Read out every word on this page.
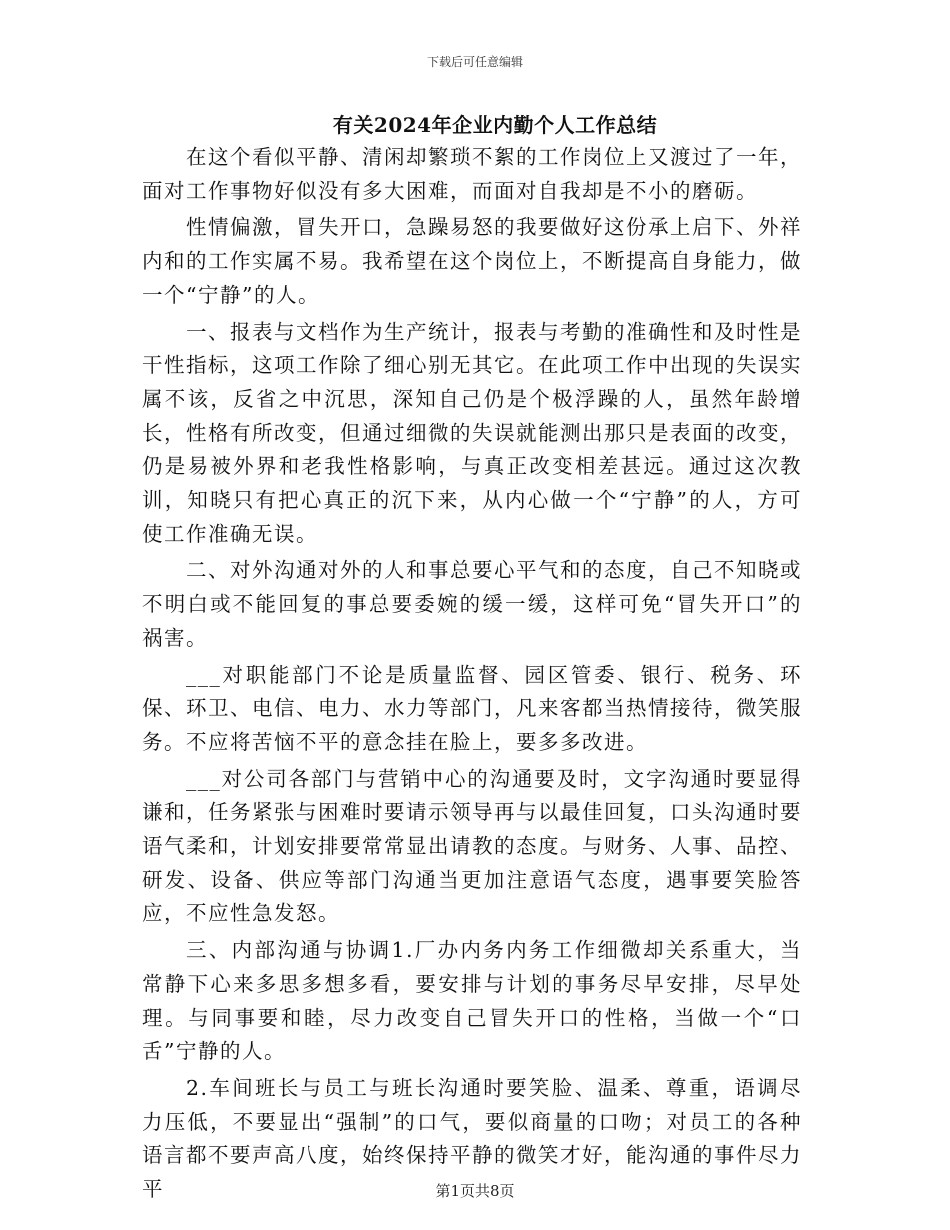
下载后可任意编辑
有关2024年企业内勤个人工作总结

在这个看似平静、清闲却繁琐不絮的工作岗位上又渡过了一年，面对工作事物好似没有多大困难，而面对自我却是不小的磨砺。

性情偏激，冒失开口，急躁易怒的我要做好这份承上启下、外祥内和的工作实属不易。我希望在这个岗位上，不断提高自身能力，做一个“宁静”的人。

一、报表与文档作为生产统计，报表与考勤的准确性和及时性是干性指标，这项工作除了细心别无其它。在此项工作中出现的失误实属不该，反省之中沉思，深知自己仍是个极浮躁的人，虽然年龄增长，性格有所改变，但通过细微的失误就能测出那只是表面的改变，仍是易被外界和老我性格影响，与真正改变相差甚远。通过这次教训，知晓只有把心真正的沉下来，从内心做一个“宁静”的人，方可使工作准确无误。

二、对外沟通对外的人和事总要心平气和的态度，自己不知晓或不明白或不能回复的事总要委婉的缓一缓，这样可免“冒失开口”的祸害。

___对职能部门不论是质量监督、园区管委、银行、税务、环保、环卫、电信、电力、水力等部门，凡来客都当热情接待，微笑服务。不应将苦恼不平的意念挂在脸上，要多多改进。

___对公司各部门与营销中心的沟通要及时，文字沟通时要显得谦和，任务紧张与困难时要请示领导再与以最佳回复，口头沟通时要语气柔和，计划安排要常常显出请教的态度。与财务、人事、品控、研发、设备、供应等部门沟通当更加注意语气态度，遇事要笑脸答应，不应性急发怒。

三、内部沟通与协调1.厂办内务内务工作细微却关系重大，当常静下心来多思多想多看，要安排与计划的事务尽早安排，尽早处理。与同事要和睦，尽力改变自己冒失开口的性格，当做一个“口舌”宁静的人。

2.车间班长与员工与班长沟通时要笑脸、温柔、尊重，语调尽力压低，不要显出“强制”的口气，要似商量的口吻；对员工的各种语言都不要声高八度，始终保持平静的微笑才好，能沟通的事件尽力平	第1页共8页
